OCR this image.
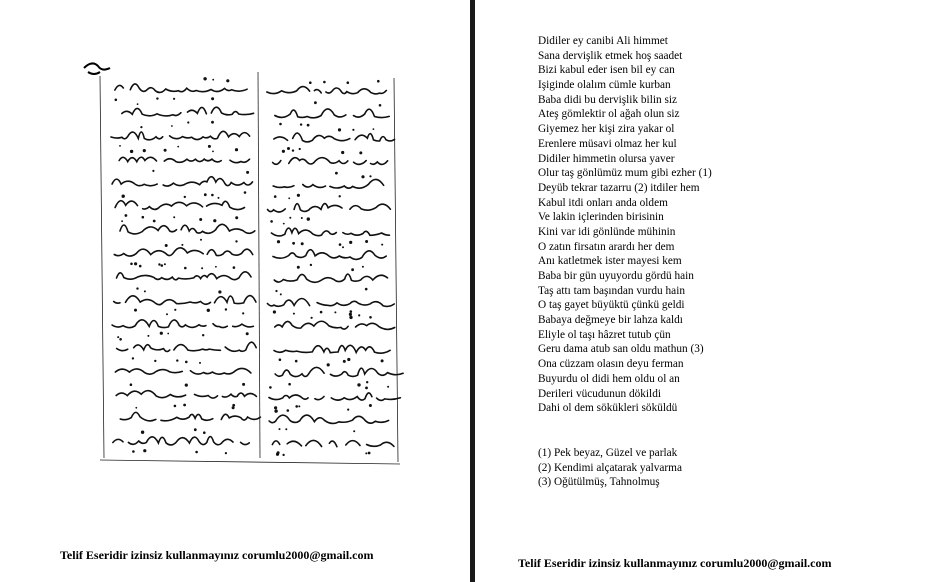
Telif Eseridir izinsiz kullanmayınız corumlu2000@gmail.com
Didiler ey canibi Ali himmet
Sana dervişlik etmek hoş saadet
Bizi kabul eder isen bil ey can
Işiginde olalım cümle kurban
Baba didi bu dervişlik bilin siz
Ateş gömlektir ol ağah olun siz
Giyemez her kişi zira yakar ol
Erenlere müsavi olmaz her kul
Didiler himmetin olursa yaver
Olur taş gönlümüz mum gibi ezher (1)
Deyüb tekrar tazarru (2) itdiler hem
Kabul itdi onları anda oldem
Ve lakin içlerinden birisinin
Kini var idi gönlünde mühinin
O zatın firsatın arardı her dem
Anı katletmek ister mayesi kem
Baba bir gün uyuyordu gördü hain
Taş attı tam başından vurdu hain
O taş gayet büyüktü çünkü geldi
Babaya değmeye bir lahza kaldı
Eliyle ol taşı hâzret tutub çün
Geru dama atub san oldu mathun (3)
Ona cüzzam olasın deyu ferman
Buyurdu ol didi hem oldu ol an
Derileri vücudunun dökildi
Dahi ol dem sökükleri söküldü
(1) Pek beyaz, Güzel ve parlak
(2) Kendimi alçatarak yalvarma
(3) Oğütülmüş, Tahnolmuş
Telif Eseridir izinsiz kullanmayınız corumlu2000@gmail.com
